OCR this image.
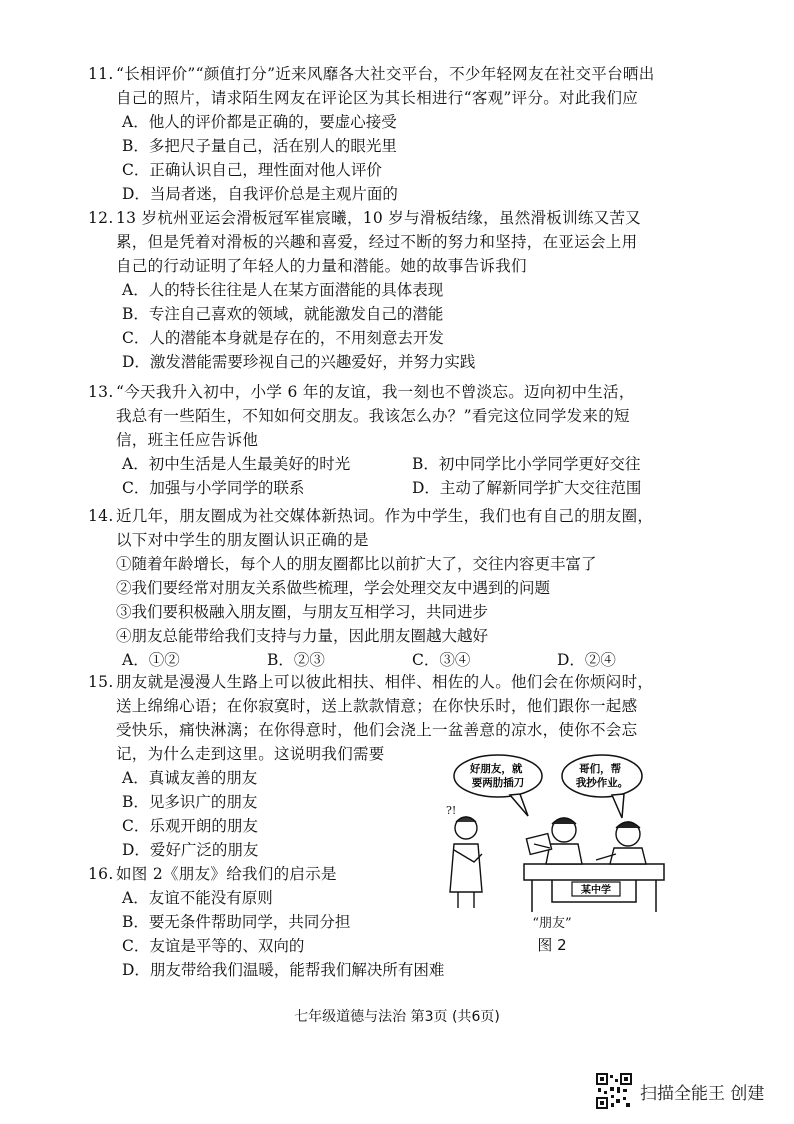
11. “长相评价”“颜值打分”近来风靡各大社交平台，不少年轻网友在社交平台晒出
自己的照片，请求陌生网友在评论区为其长相进行“客观”评分。对此我们应

A．他人的评价都是正确的，要虚心接受
B．多把尺子量自己，活在别人的眼光里
C．正确认识自己，理性面对他人评价
D．当局者迷，自我评价总是主观片面的

12. 13 岁杭州亚运会滑板冠军崔宸曦，10 岁与滑板结缘，虽然滑板训练又苦又
累，但是凭着对滑板的兴趣和喜爱，经过不断的努力和坚持，在亚运会上用
自己的行动证明了年轻人的力量和潜能。她的故事告诉我们

A．人的特长往往是人在某方面潜能的具体表现
B．专注自己喜欢的领域，就能激发自己的潜能
C．人的潜能本身就是存在的，不用刻意去开发
D．激发潜能需要珍视自己的兴趣爱好，并努力实践

13. “今天我升入初中，小学 6 年的友谊，我一刻也不曾淡忘。迈向初中生活，
我总有一些陌生，不知如何交朋友。我该怎么办？”看完这位同学发来的短
信，班主任应告诉他

A．初中生活是人生最美好的时光	B．初中同学比小学同学更好交往
C．加强与小学同学的联系	D．主动了解新同学扩大交往范围

14. 近几年，朋友圈成为社交媒体新热词。作为中学生，我们也有自己的朋友圈，
以下对中学生的朋友圈认识正确的是

①随着年龄增长，每个人的朋友圈都比以前扩大了，交往内容更丰富了
②我们要经常对朋友关系做些梳理，学会处理交友中遇到的问题
③我们要积极融入朋友圈，与朋友互相学习，共同进步
④朋友总能带给我们支持与力量，因此朋友圈越大越好
A．①②	B．②③	C．③④	D．②④

15. 朋友就是漫漫人生路上可以彼此相扶、相伴、相佐的人。他们会在你烦闷时，
送上绵绵心语；在你寂寞时，送上款款情意；在你快乐时，他们跟你一起感
受快乐，痛快淋漓；在你得意时，他们会浇上一盆善意的凉水，使你不会忘
记，为什么走到这里。这说明我们需要

A．真诚友善的朋友
B．见多识广的朋友
C．乐观开朗的朋友
D．爱好广泛的朋友

16. 如图 2《朋友》给我们的启示是

A．友谊不能没有原则
B．要无条件帮助同学，共同分担
C．友谊是平等的、双向的
D．朋友带给我们温暖，能帮我们解决所有困难
好朋友，就 要两肋插刀
哥们，帮 我抄作业。
?!
某中学
“朋友”
图 2
七年级道德与法治 第3页 (共6页)
扫描全能王 创建
